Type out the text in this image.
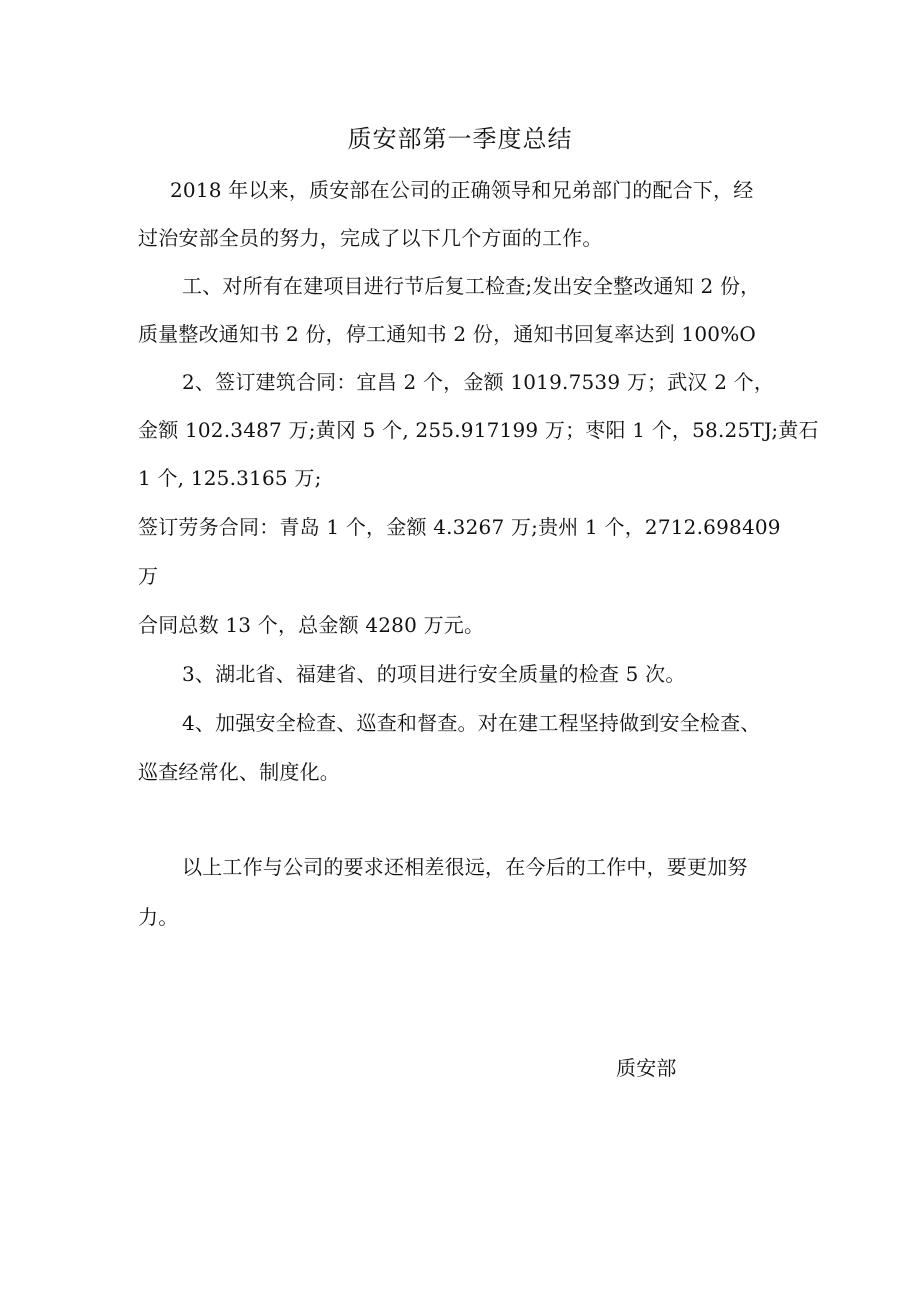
质安部第一季度总结
2018 年以来，质安部在公司的正确领导和兄弟部门的配合下，经
过治安部全员的努力，完成了以下几个方面的工作。
工、对所有在建项目进行节后复工检查;发出安全整改通知 2 份，
质量整改通知书 2 份，停工通知书 2 份，通知书回复率达到 100%O
2、签订建筑合同：宜昌 2 个，金额 1019.7539 万；武汉 2 个，
金额 102.3487 万;黄冈 5 个, 255.917199 万；枣阳 1 个，58.25TJ;黄石
1 个, 125.3165 万;
签订劳务合同：青岛 1 个，金额 4.3267 万;贵州 1 个，2712.698409
万
合同总数 13 个，总金额 4280 万元。
3、湖北省、福建省、的项目进行安全质量的检查 5 次。
4、加强安全检查、巡查和督查。对在建工程坚持做到安全检查、
巡查经常化、制度化。
以上工作与公司的要求还相差很远，在今后的工作中，要更加努
力。
质安部
